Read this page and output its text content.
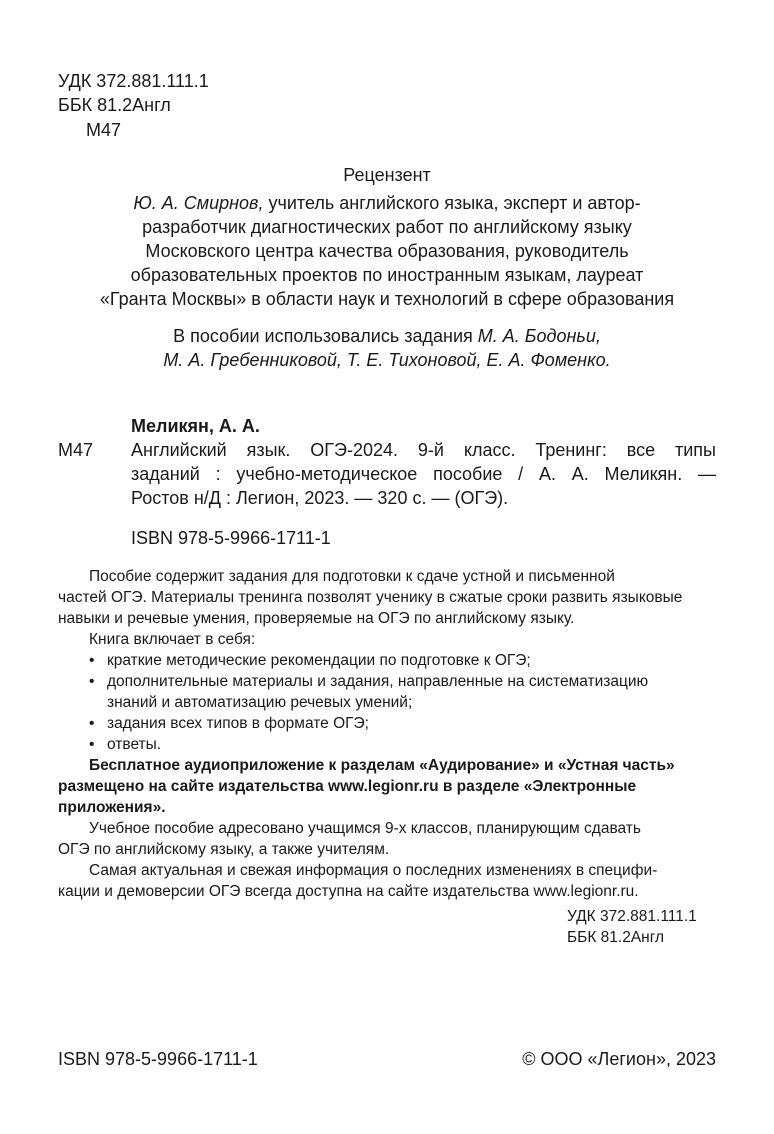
УДК 372.881.111.1
ББК 81.2Англ
М47
Рецензент
Ю. А. Смирнов, учитель английского языка, эксперт и автор-
разработчик диагностических работ по английскому языку
Московского центра качества образования, руководитель
образовательных проектов по иностранным языкам, лауреат
«Гранта Москвы» в области наук и технологий в сфере образования
В пособии использовались задания М. А. Бодоньи,
М. А. Гребенниковой, Т. Е. Тихоновой, Е. А. Фоменко.
Меликян, А. А.
М47 Английский язык. ОГЭ-2024. 9-й класс. Тренинг: все типы
заданий : учебно-методическое пособие / А. А. Меликян. —
Ростов н/Д : Легион, 2023. — 320 с. — (ОГЭ).
ISBN 978-5-9966-1711-1
Пособие содержит задания для подготовки к сдаче устной и письменной
частей ОГЭ. Материалы тренинга позволят ученику в сжатые сроки развить языковые
навыки и речевые умения, проверяемые на ОГЭ по английскому языку.
Книга включает в себя:
• краткие методические рекомендации по подготовке к ОГЭ;
• дополнительные материалы и задания, направленные на систематизацию
знаний и автоматизацию речевых умений;
• задания всех типов в формате ОГЭ;
• ответы.
Бесплатное аудиоприложение к разделам «Аудирование» и «Устная часть»
размещено на сайте издательства www.legionr.ru в разделе «Электронные
приложения».
Учебное пособие адресовано учащимся 9-х классов, планирующим сдавать
ОГЭ по английскому языку, а также учителям.
Самая актуальная и свежая информация о последних изменениях в специфи-
кации и демоверсии ОГЭ всегда доступна на сайте издательства www.legionr.ru.
УДК 372.881.111.1
ББК 81.2Англ
ISBN 978-5-9966-1711-1	© ООО «Легион», 2023
